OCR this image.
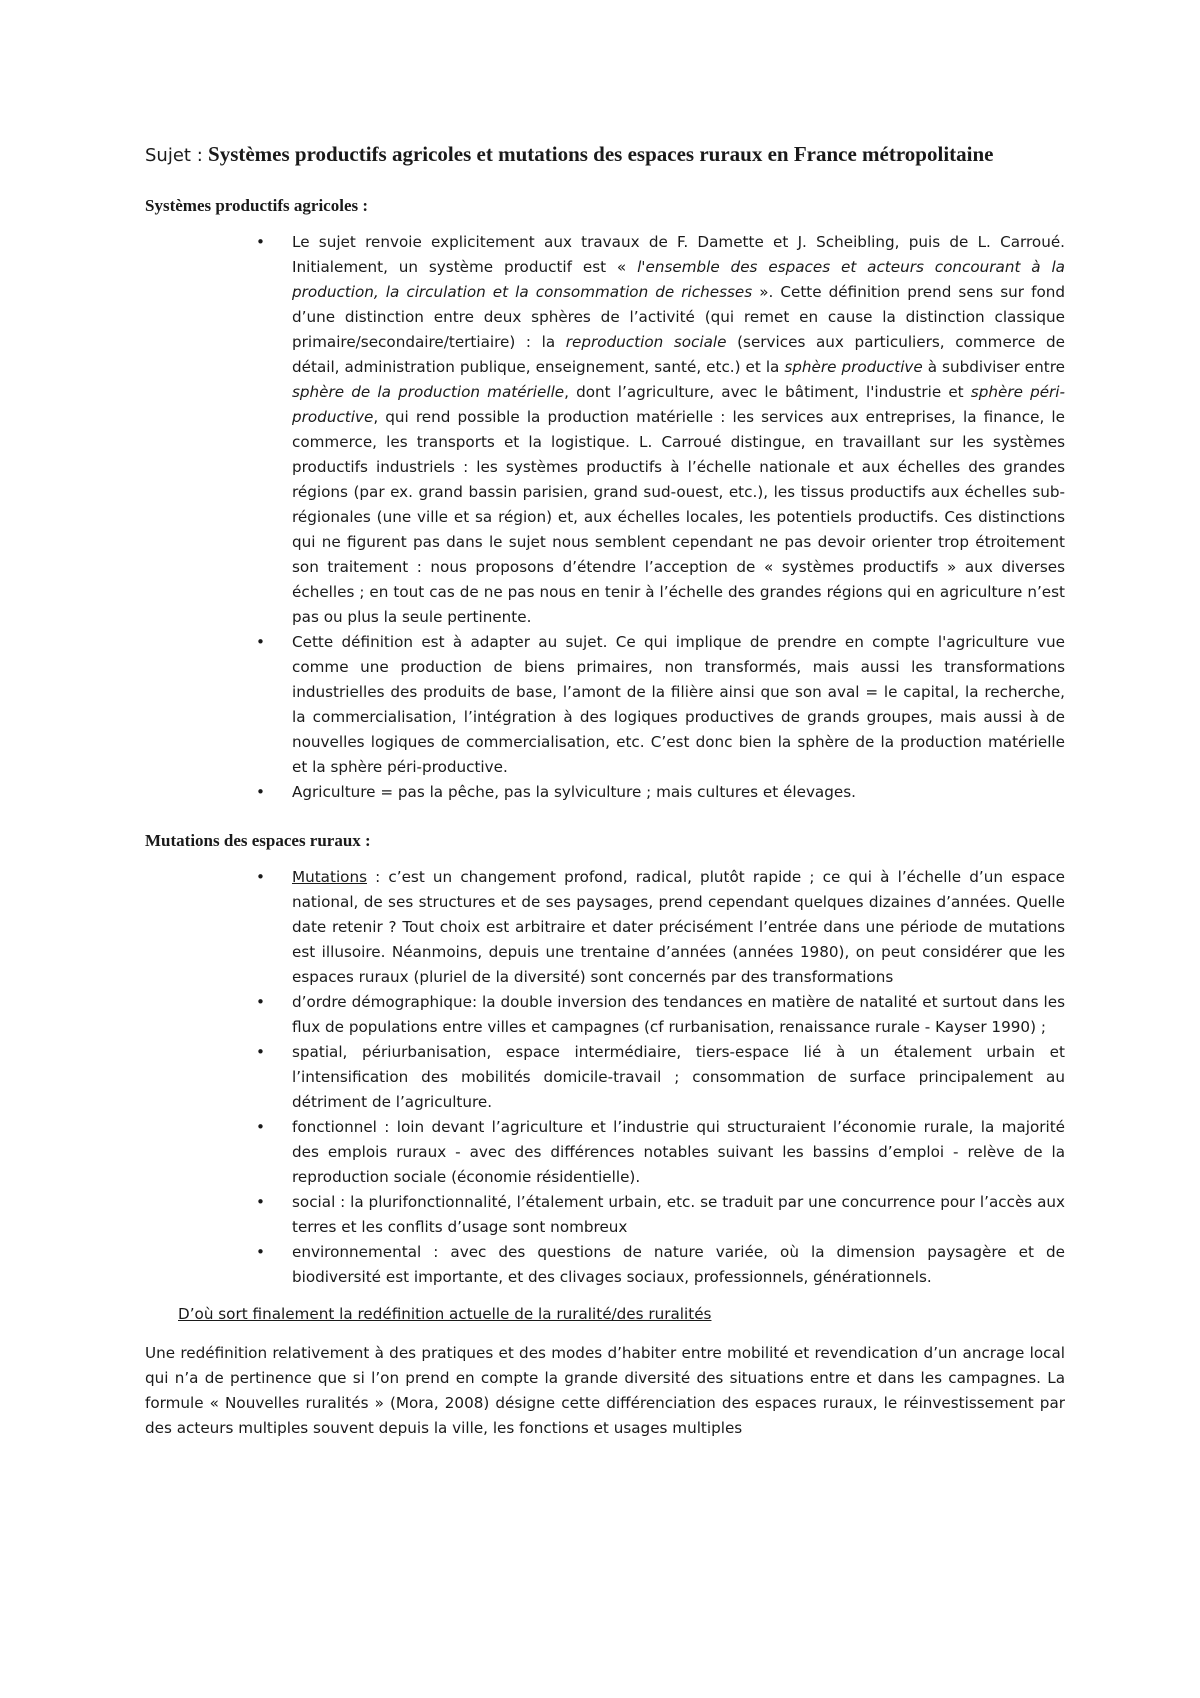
Sujet : Systèmes productifs agricoles et mutations des espaces ruraux en France métropolitaine

Systèmes productifs agricoles :
• Le sujet renvoie explicitement aux travaux de F. Damette et J. Scheibling, puis de L. Carroué. Initialement, un système productif est « l'ensemble des espaces et acteurs concourant à la production, la circulation et la consommation de richesses ». Cette définition prend sens sur fond d’une distinction entre deux sphères de l’activité (qui remet en cause la distinction classique primaire/secondaire/tertiaire) : la reproduction sociale (services aux particuliers, commerce de détail, administration publique, enseignement, santé, etc.) et la sphère productive à subdiviser entre sphère de la production matérielle, dont l’agriculture, avec le bâtiment, l'industrie et sphère péri-productive, qui rend possible la production matérielle : les services aux entreprises, la finance, le commerce, les transports et la logistique. L. Carroué distingue, en travaillant sur les systèmes productifs industriels : les systèmes productifs à l’échelle nationale et aux échelles des grandes régions (par ex. grand bassin parisien, grand sud-ouest, etc.), les tissus productifs aux échelles sub-régionales (une ville et sa région) et, aux échelles locales, les potentiels productifs. Ces distinctions qui ne figurent pas dans le sujet nous semblent cependant ne pas devoir orienter trop étroitement son traitement : nous proposons d’étendre l’acception de « systèmes productifs » aux diverses échelles ; en tout cas de ne pas nous en tenir à l’échelle des grandes régions qui en agriculture n’est pas ou plus la seule pertinente.
• Cette définition est à adapter au sujet. Ce qui implique de prendre en compte l'agriculture vue comme une production de biens primaires, non transformés, mais aussi les transformations industrielles des produits de base, l’amont de la filière ainsi que son aval = le capital, la recherche, la commercialisation, l’intégration à des logiques productives de grands groupes, mais aussi à de nouvelles logiques de commercialisation, etc. C’est donc bien la sphère de la production matérielle et la sphère péri-productive.
• Agriculture = pas la pêche, pas la sylviculture ; mais cultures et élevages.
Mutations des espaces ruraux :
• Mutations : c’est un changement profond, radical, plutôt rapide ; ce qui à l’échelle d’un espace national, de ses structures et de ses paysages, prend cependant quelques dizaines d’années. Quelle date retenir ? Tout choix est arbitraire et dater précisément l’entrée dans une période de mutations est illusoire. Néanmoins, depuis une trentaine d’années (années 1980), on peut considérer que les espaces ruraux (pluriel de la diversité) sont concernés par des transformations
• d’ordre démographique: la double inversion des tendances en matière de natalité et surtout dans les flux de populations entre villes et campagnes (cf rurbanisation, renaissance rurale - Kayser 1990) ;
• spatial, périurbanisation, espace intermédiaire, tiers-espace lié à un étalement urbain et l’intensification des mobilités domicile-travail ; consommation de surface principalement au détriment de l’agriculture.
• fonctionnel : loin devant l’agriculture et l’industrie qui structuraient l’économie rurale, la majorité des emplois ruraux - avec des différences notables suivant les bassins d’emploi - relève de la reproduction sociale (économie résidentielle).
• social : la plurifonctionnalité, l’étalement urbain, etc. se traduit par une concurrence pour l’accès aux terres et les conflits d’usage sont nombreux
• environnemental : avec des questions de nature variée, où la dimension paysagère et de biodiversité est importante, et des clivages sociaux, professionnels, générationnels.
D’où sort finalement la redéfinition actuelle de la ruralité/des ruralités

Une redéfinition relativement à des pratiques et des modes d’habiter entre mobilité et revendication d’un ancrage local qui n’a de pertinence que si l’on prend en compte la grande diversité des situations entre et dans les campagnes. La formule « Nouvelles ruralités » (Mora, 2008) désigne cette différenciation des espaces ruraux, le réinvestissement par des acteurs multiples souvent depuis la ville, les fonctions et usages multiples
